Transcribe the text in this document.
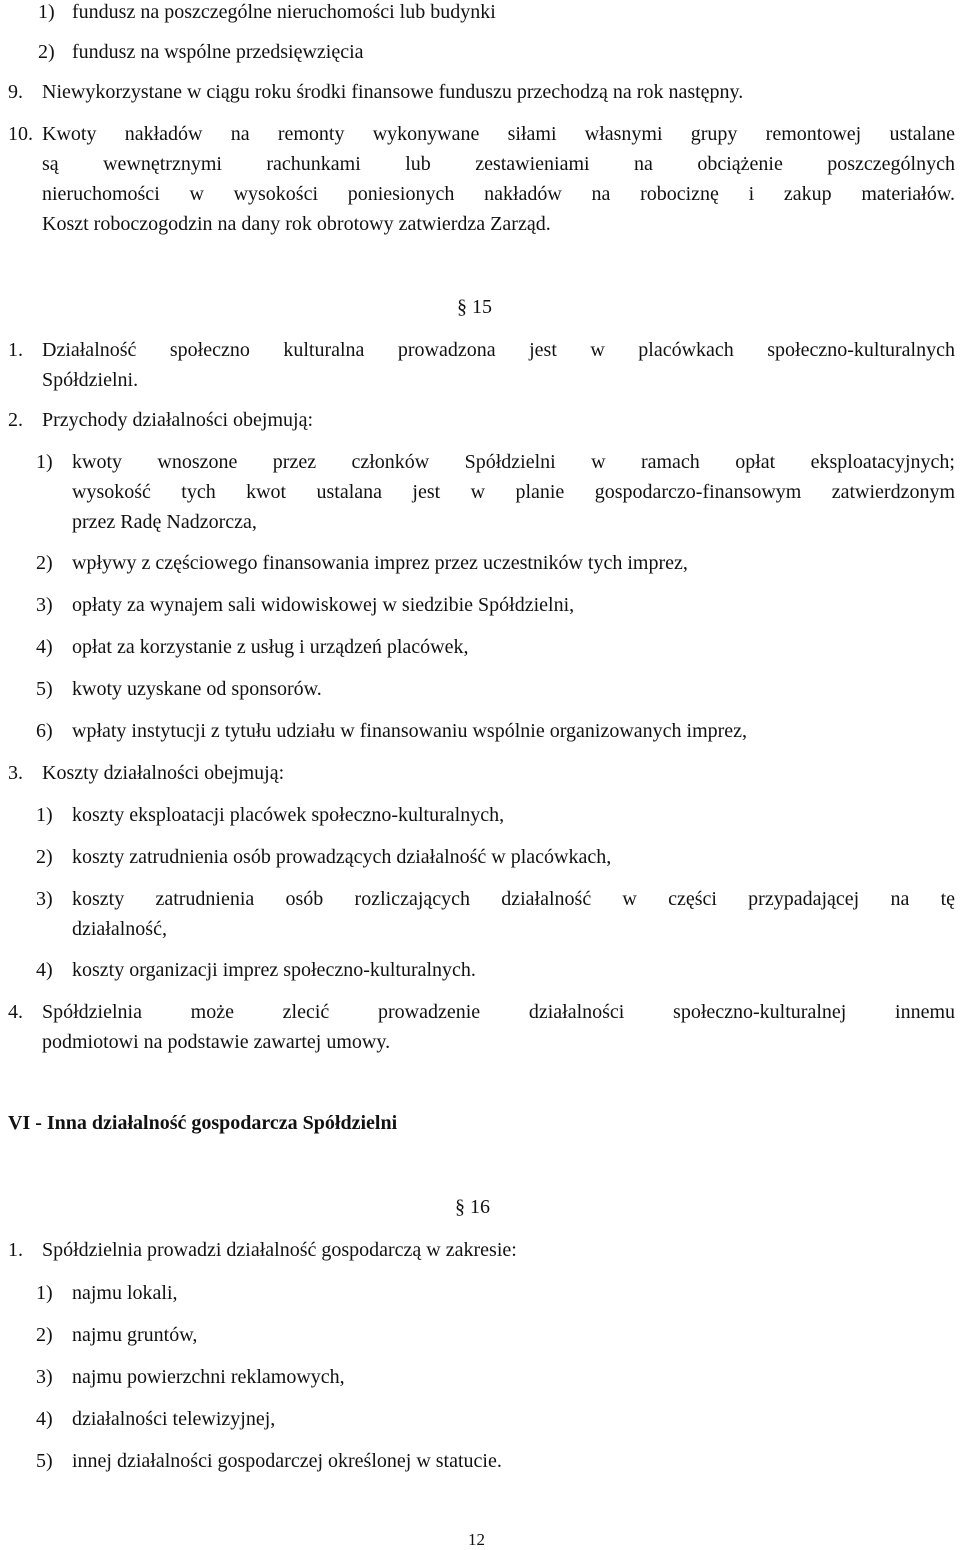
1) fundusz na poszczególne nieruchomości lub budynki
2) fundusz na wspólne przedsięwzięcia
9. Niewykorzystane w ciągu roku środki finansowe funduszu przechodzą na rok następny.
10. Kwoty nakładów na remonty wykonywane siłami własnymi grupy remontowej ustalane
są wewnętrznymi rachunkami lub zestawieniami na obciążenie poszczególnych
nieruchomości w wysokości poniesionych nakładów na robociznę i zakup materiałów.
Koszt roboczogodzin na dany rok obrotowy zatwierdza Zarząd.
§ 15
1. Działalność społeczno kulturalna prowadzona jest w placówkach społeczno-kulturalnych
Spółdzielni.
2. Przychody działalności obejmują:
1) kwoty wnoszone przez członków Spółdzielni w ramach opłat eksploatacyjnych;
wysokość tych kwot ustalana jest w planie gospodarczo-finansowym zatwierdzonym
przez Radę Nadzorcza,
2) wpływy z częściowego finansowania imprez przez uczestników tych imprez,
3) opłaty za wynajem sali widowiskowej w siedzibie Spółdzielni,
4) opłat za korzystanie z usług i urządzeń placówek,
5) kwoty uzyskane od sponsorów.
6) wpłaty instytucji z tytułu udziału w finansowaniu wspólnie organizowanych imprez,
3. Koszty działalności obejmują:
1) koszty eksploatacji placówek społeczno-kulturalnych,
2) koszty zatrudnienia osób prowadzących działalność w placówkach,
3) koszty zatrudnienia osób rozliczających działalność w części przypadającej na tę
działalność,
4) koszty organizacji imprez społeczno-kulturalnych.
4. Spółdzielnia może zlecić prowadzenie działalności społeczno-kulturalnej innemu
podmiotowi na podstawie zawartej umowy.
VI - Inna działalność gospodarcza Spółdzielni
§ 16
1. Spółdzielnia prowadzi działalność gospodarczą w zakresie:
1) najmu lokali,
2) najmu gruntów,
3) najmu powierzchni reklamowych,
4) działalności telewizyjnej,
5) innej działalności gospodarczej określonej w statucie.
12
